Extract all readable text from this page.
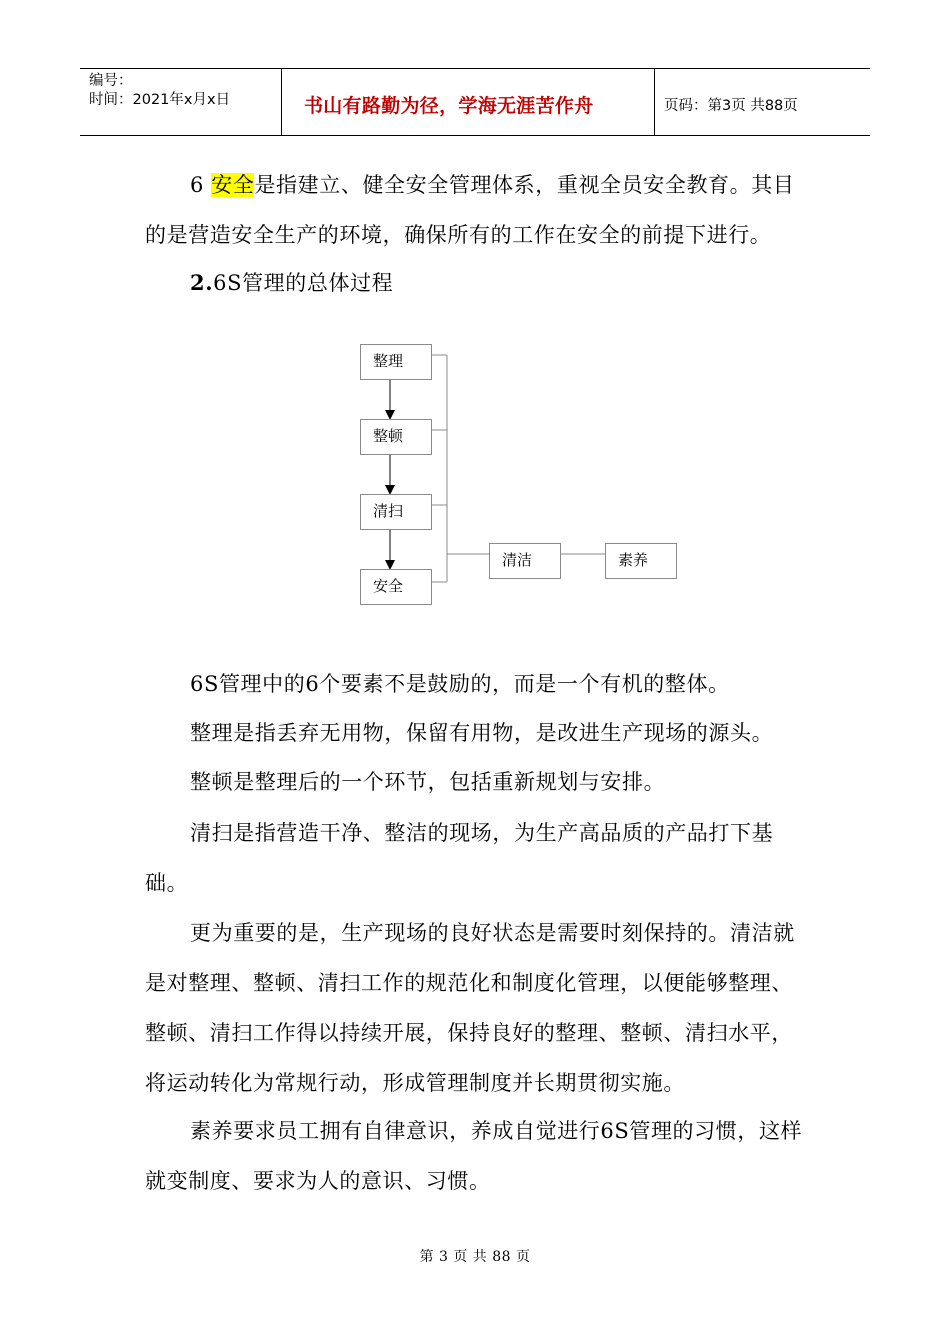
编号：
时间：2021年x月x日	书山有路勤为径，学海无涯苦作舟	页码：第3页 共88页
6 安全是指建立、健全安全管理体系，重视全员安全教育。其目的是营造安全生产的环境，确保所有的工作在安全的前提下进行。
2.6S管理的总体过程
整理
整顿
清扫
安全
清洁	素养
6S管理中的6个要素不是鼓励的，而是一个有机的整体。
整理是指丢弃无用物，保留有用物，是改进生产现场的源头。
整顿是整理后的一个环节，包括重新规划与安排。
清扫是指营造干净、整洁的现场，为生产高品质的产品打下基础。
更为重要的是，生产现场的良好状态是需要时刻保持的。清洁就是对整理、整顿、清扫工作的规范化和制度化管理，以便能够整理、整顿、清扫工作得以持续开展，保持良好的整理、整顿、清扫水平，将运动转化为常规行动，形成管理制度并长期贯彻实施。
素养要求员工拥有自律意识，养成自觉进行6S管理的习惯，这样就变制度、要求为人的意识、习惯。
第 3 页 共 88 页
